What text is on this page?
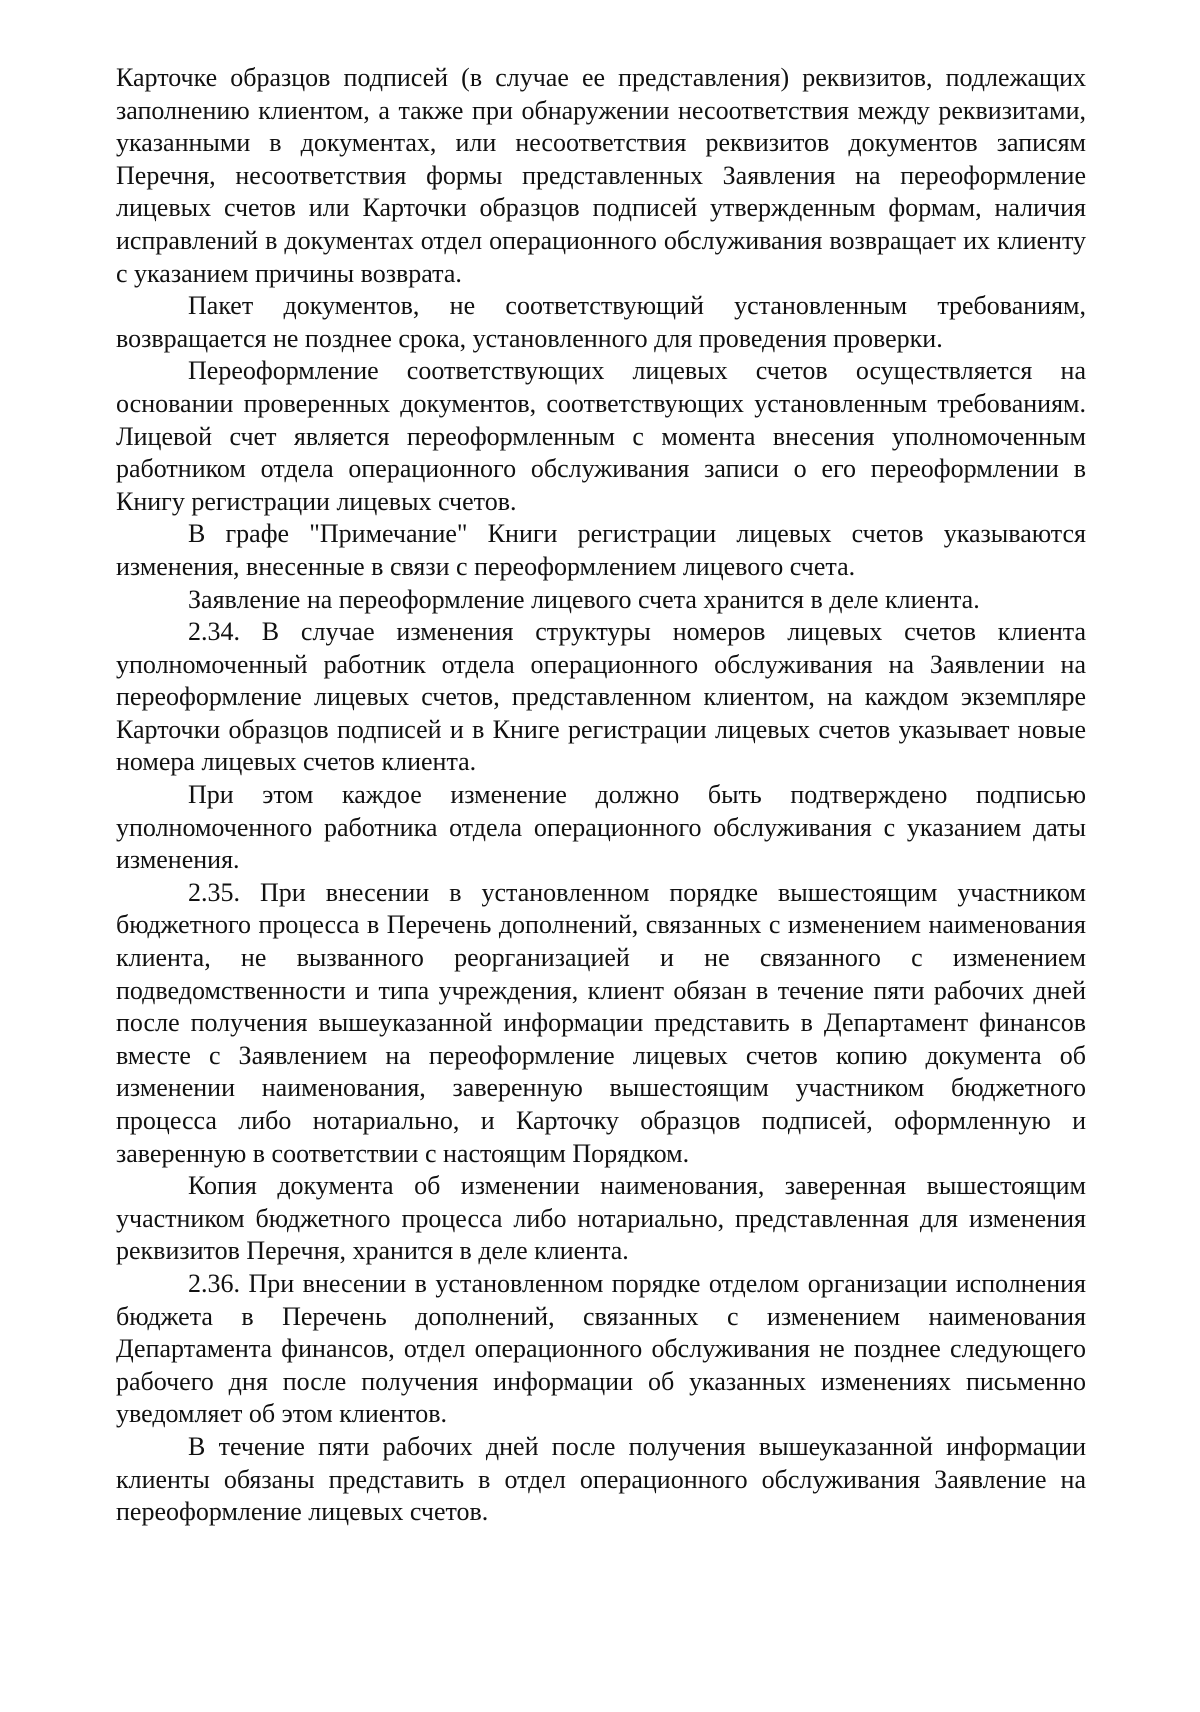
Карточке образцов подписей (в случае ее представления) реквизитов, подлежащих заполнению клиентом, а также при обнаружении несоответствия между реквизитами, указанными в документах, или несоответствия реквизитов документов записям Перечня, несоответствия формы представленных Заявления на переоформление лицевых счетов или Карточки образцов подписей утвержденным формам, наличия исправлений в документах отдел операционного обслуживания возвращает их клиенту с указанием причины возврата.

Пакет документов, не соответствующий установленным требованиям, возвращается не позднее срока, установленного для проведения проверки.

Переоформление соответствующих лицевых счетов осуществляется на основании проверенных документов, соответствующих установленным требованиям. Лицевой счет является переоформленным с момента внесения уполномоченным работником отдела операционного обслуживания записи о его переоформлении в Книгу регистрации лицевых счетов.

В графе "Примечание" Книги регистрации лицевых счетов указываются изменения, внесенные в связи с переоформлением лицевого счета.

Заявление на переоформление лицевого счета хранится в деле клиента.

2.34. В случае изменения структуры номеров лицевых счетов клиента уполномоченный работник отдела операционного обслуживания на Заявлении на переоформление лицевых счетов, представленном клиентом, на каждом экземпляре Карточки образцов подписей и в Книге регистрации лицевых счетов указывает новые номера лицевых счетов клиента.

При этом каждое изменение должно быть подтверждено подписью уполномоченного работника отдела операционного обслуживания с указанием даты изменения.

2.35. При внесении в установленном порядке вышестоящим участником бюджетного процесса в Перечень дополнений, связанных с изменением наименования клиента, не вызванного реорганизацией и не связанного с изменением подведомственности и типа учреждения, клиент обязан в течение пяти рабочих дней после получения вышеуказанной информации представить в Департамент финансов вместе с Заявлением на переоформление лицевых счетов копию документа об изменении наименования, заверенную вышестоящим участником бюджетного процесса либо нотариально, и Карточку образцов подписей, оформленную и заверенную в соответствии с настоящим Порядком.

Копия документа об изменении наименования, заверенная вышестоящим участником бюджетного процесса либо нотариально, представленная для изменения реквизитов Перечня, хранится в деле клиента.

2.36. При внесении в установленном порядке отделом организации исполнения бюджета в Перечень дополнений, связанных с изменением наименования Департамента финансов, отдел операционного обслуживания не позднее следующего рабочего дня после получения информации об указанных изменениях письменно уведомляет об этом клиентов.

В течение пяти рабочих дней после получения вышеуказанной информации клиенты обязаны представить в отдел операционного обслуживания Заявление на переоформление лицевых счетов.
